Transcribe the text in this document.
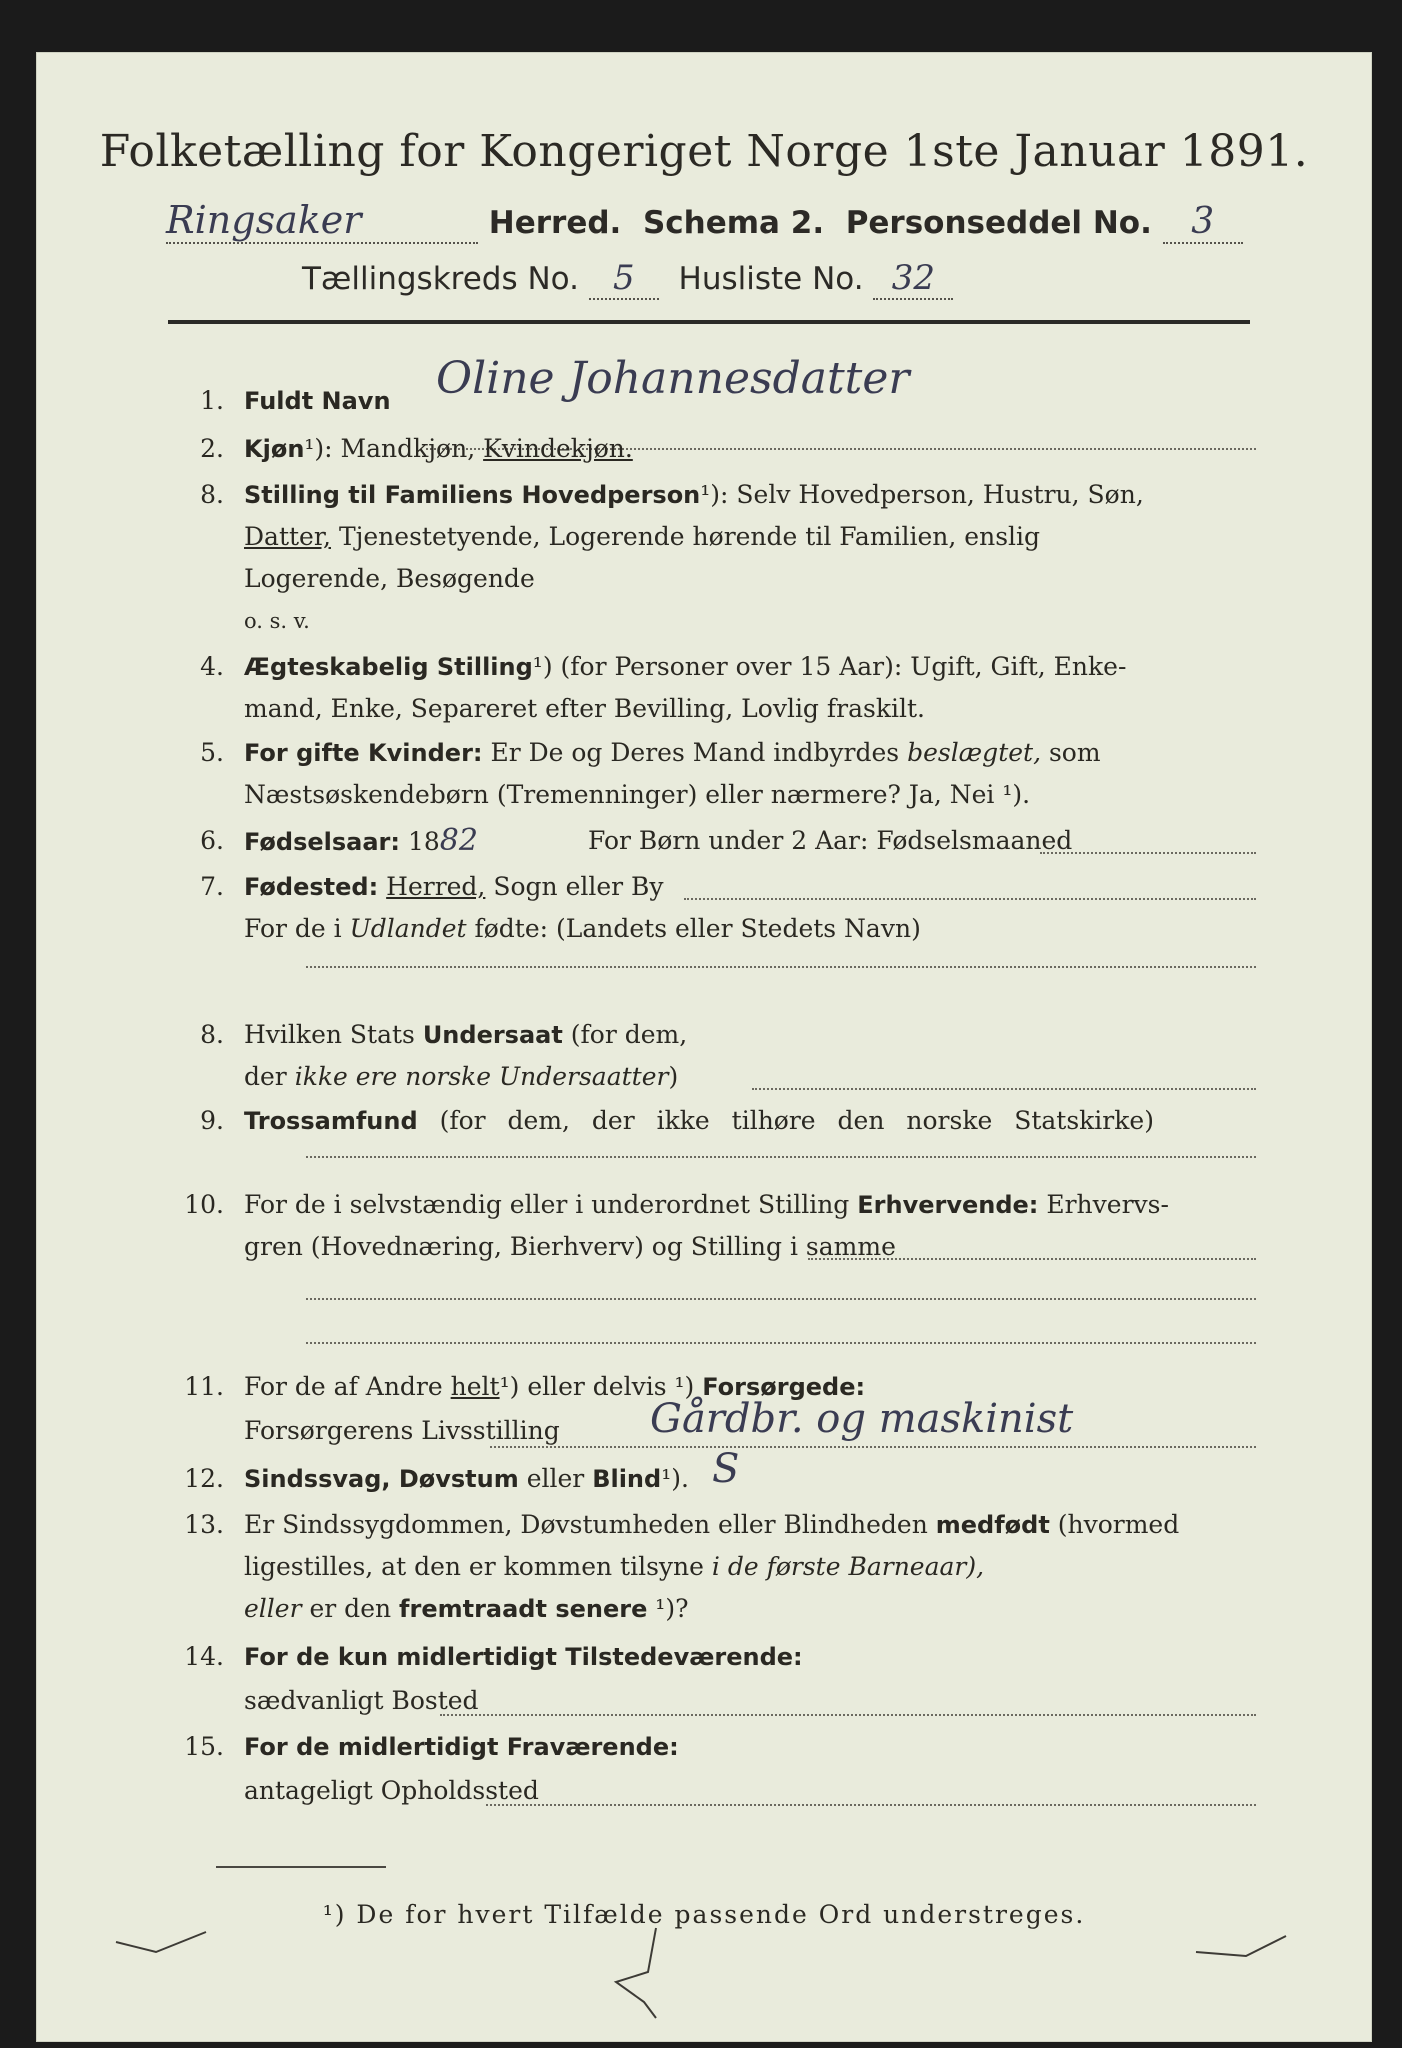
Folketælling for Kongeriget Norge 1ste Januar 1891.
Ringsaker	Herred. Schema 2. Personseddel No. 3
Tællingskreds No. 5 Husliste No. 32
1. Fuldt Navn Oline Johannesdatter
2. Kjøn¹): Mandkjøn, Kvindekjøn.
8. Stilling til Familiens Hovedperson¹): Selv Hovedperson, Hustru, Søn,
Datter, Tjenestetyende, Logerende hørende til Familien, enslig
Logerende, Besøgende
o. s. v.
4. Ægteskabelig Stilling¹) (for Personer over 15 Aar): Ugift, Gift, Enke-
mand, Enke, Separeret efter Bevilling, Lovlig fraskilt.
5. For gifte Kvinder: Er De og Deres Mand indbyrdes beslægtet, som
Næstsøskendebørn (Tremenninger) eller nærmere? Ja, Nei ¹).
6. Fødselsaar: 1882	For Børn under 2 Aar: Fødselsmaaned
7. Fødested: Herred, Sogn eller By
For de i Udlandet fødte: (Landets eller Stedets Navn)
8. Hvilken Stats Undersaat (for dem,
der ikke ere norske Undersaatter)
9. Trossamfund (for dem, der ikke tilhøre den norske Statskirke)
10. For de i selvstændig eller i underordnet Stilling Erhvervende: Erhvervs-
gren (Hovednæring, Bierhverv) og Stilling i samme
11. For de af Andre helt¹) eller delvis ¹) Forsørgede:
Forsørgerens Livsstilling Gårdbr. og maskinist
12. Sindssvag, Døvstum eller Blind¹). S
13. Er Sindssygdommen, Døvstumheden eller Blindheden medfødt (hvormed
ligestilles, at den er kommen tilsyne i de første Barneaar),
eller er den fremtraadt senere ¹)?
14. For de kun midlertidigt Tilstedeværende:
sædvanligt Bosted
15. For de midlertidigt Fraværende:
antageligt Opholdssted
¹) De for hvert Tilfælde passende Ord understreges.
